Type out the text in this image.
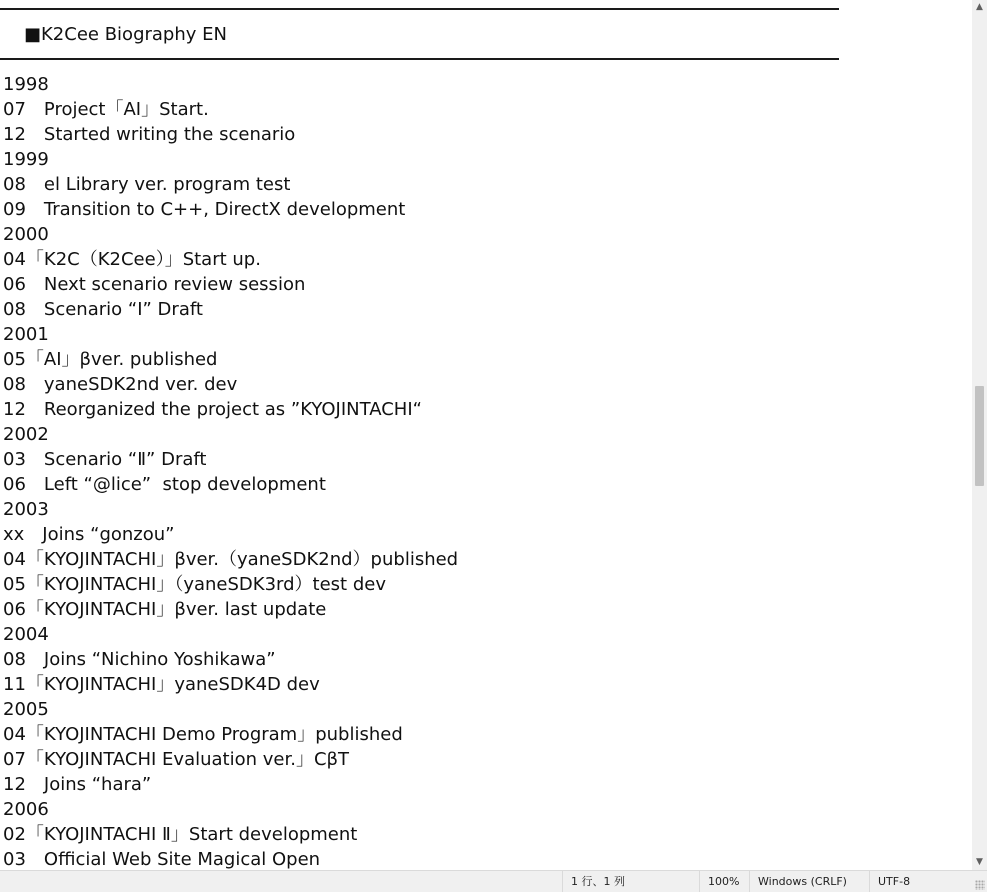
■K2Cee Biography EN
1998
07　Project「AI」Start.
12　Started writing the scenario
1999
08　el Library ver. program test
09　Transition to C++, DirectX development
2000
04「K2C（K2Cee）」Start up.
06　Next scenario review session
08　Scenario “Ⅰ” Draft
2001
05「AI」βver. published
08　yaneSDK2nd ver. dev
12　Reorganized the project as ”KYOJINTACHI“
2002
03　Scenario “Ⅱ” Draft
06　Left “@lice”  stop development
2003
xx　Joins “gonzou”
04「KYOJINTACHI」βver.（yaneSDK2nd）published
05「KYOJINTACHI」（yaneSDK3rd）test dev
06「KYOJINTACHI」βver. last update
2004
08　Joins “Nichino Yoshikawa”
11「KYOJINTACHI」yaneSDK4D dev
2005
04「KYOJINTACHI Demo Program」published
07「KYOJINTACHI Evaluation ver.」CβT
12　Joins “hara”
2006
02「KYOJINTACHI Ⅱ」Start development
03　Official Web Site Magical Open
▲
▼
1 行、1 列	100%	Windows (CRLF)	UTF-8
